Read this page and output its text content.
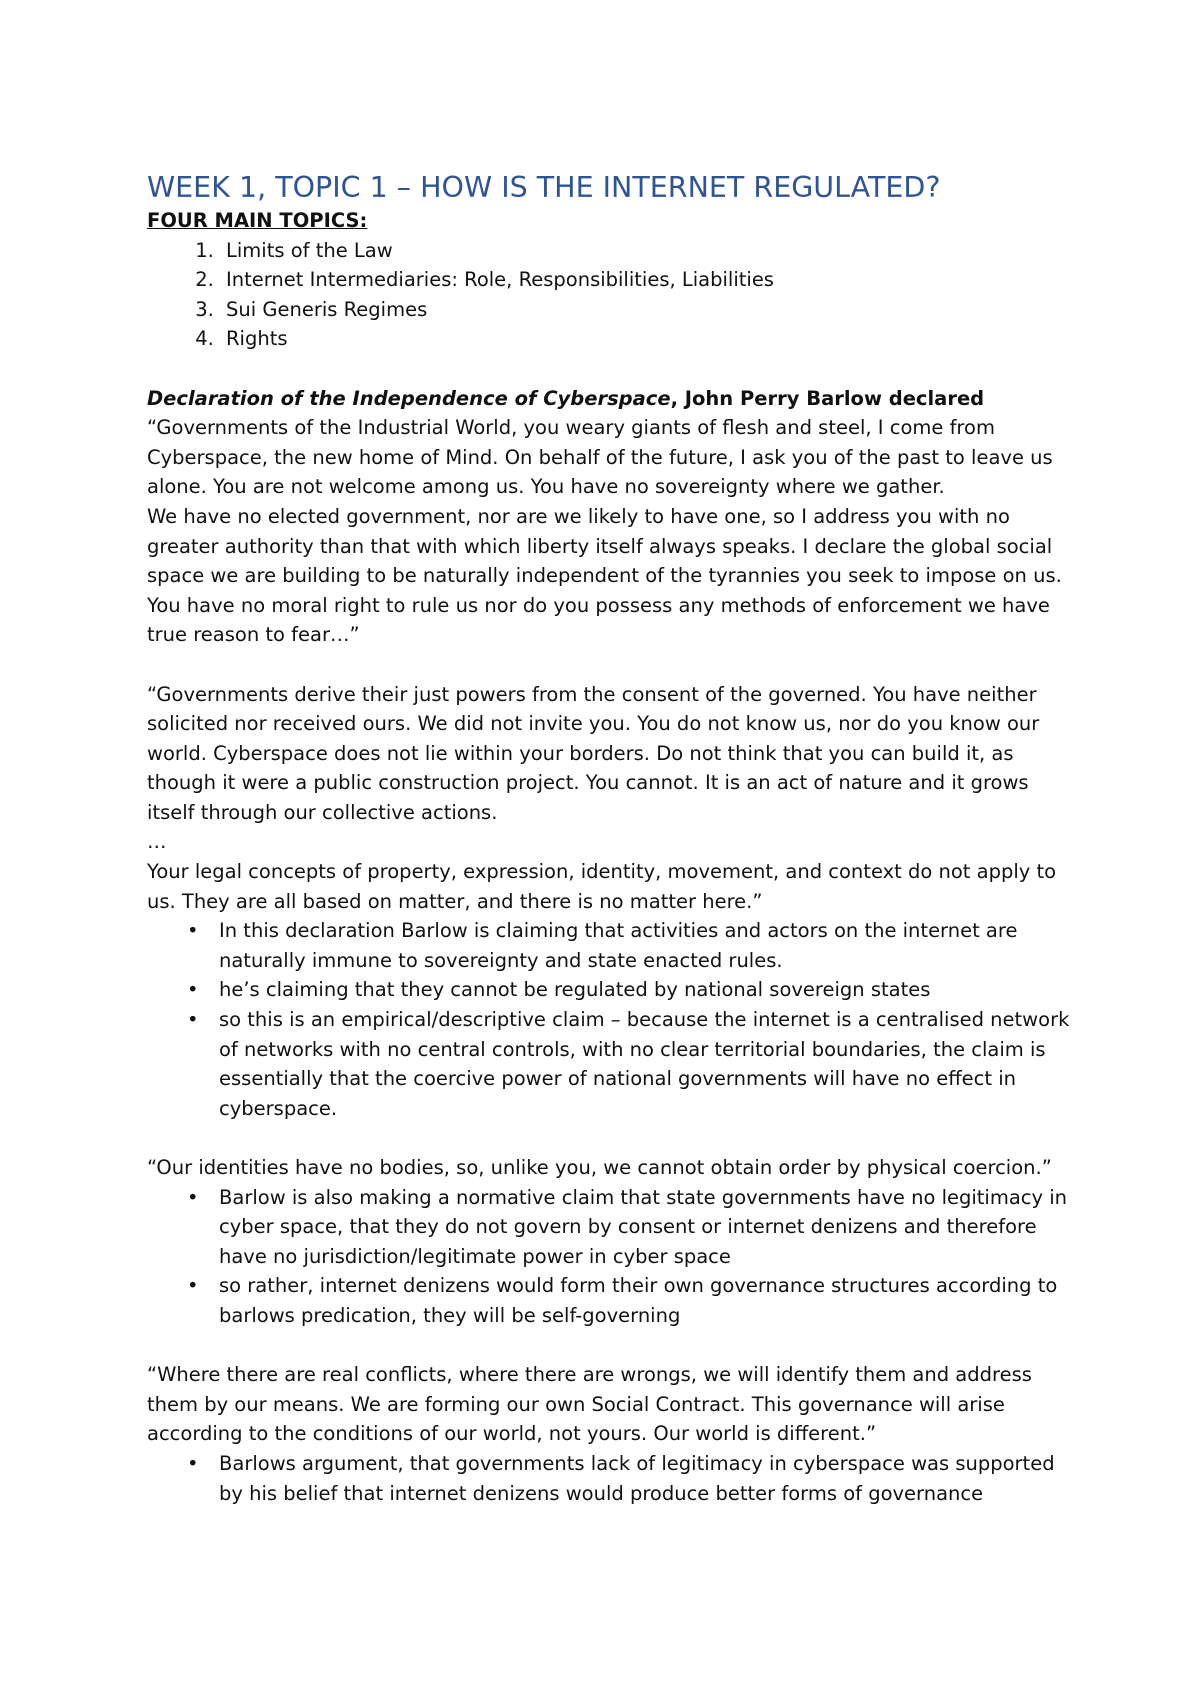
WEEK 1, TOPIC 1 – HOW IS THE INTERNET REGULATED?

FOUR MAIN TOPICS:

1. Limits of the Law
2. Internet Intermediaries: Role, Responsibilities, Liabilities
3. Sui Generis Regimes
4. Rights

Declaration of the Independence of Cyberspace, John Perry Barlow declared

“Governments of the Industrial World, you weary giants of flesh and steel, I come from Cyberspace, the new home of Mind. On behalf of the future, I ask you of the past to leave us alone. You are not welcome among us. You have no sovereignty where we gather.

We have no elected government, nor are we likely to have one, so I address you with no greater authority than that with which liberty itself always speaks. I declare the global social space we are building to be naturally independent of the tyrannies you seek to impose on us. You have no moral right to rule us nor do you possess any methods of enforcement we have true reason to fear…”

“Governments derive their just powers from the consent of the governed. You have neither solicited nor received ours. We did not invite you. You do not know us, nor do you know our world. Cyberspace does not lie within your borders. Do not think that you can build it, as though it were a public construction project. You cannot. It is an act of nature and it grows itself through our collective actions.

…

Your legal concepts of property, expression, identity, movement, and context do not apply to us. They are all based on matter, and there is no matter here.”

• In this declaration Barlow is claiming that activities and actors on the internet are naturally immune to sovereignty and state enacted rules.
• he’s claiming that they cannot be regulated by national sovereign states
• so this is an empirical/descriptive claim – because the internet is a centralised network of networks with no central controls, with no clear territorial boundaries, the claim is essentially that the coercive power of national governments will have no effect in cyberspace.

“Our identities have no bodies, so, unlike you, we cannot obtain order by physical coercion.”

• Barlow is also making a normative claim that state governments have no legitimacy in cyber space, that they do not govern by consent or internet denizens and therefore have no jurisdiction/legitimate power in cyber space
• so rather, internet denizens would form their own governance structures according to barlows predication, they will be self-governing

“Where there are real conflicts, where there are wrongs, we will identify them and address them by our means. We are forming our own Social Contract. This governance will arise according to the conditions of our world, not yours. Our world is different.”

• Barlows argument, that governments lack of legitimacy in cyberspace was supported by his belief that internet denizens would produce better forms of governance
